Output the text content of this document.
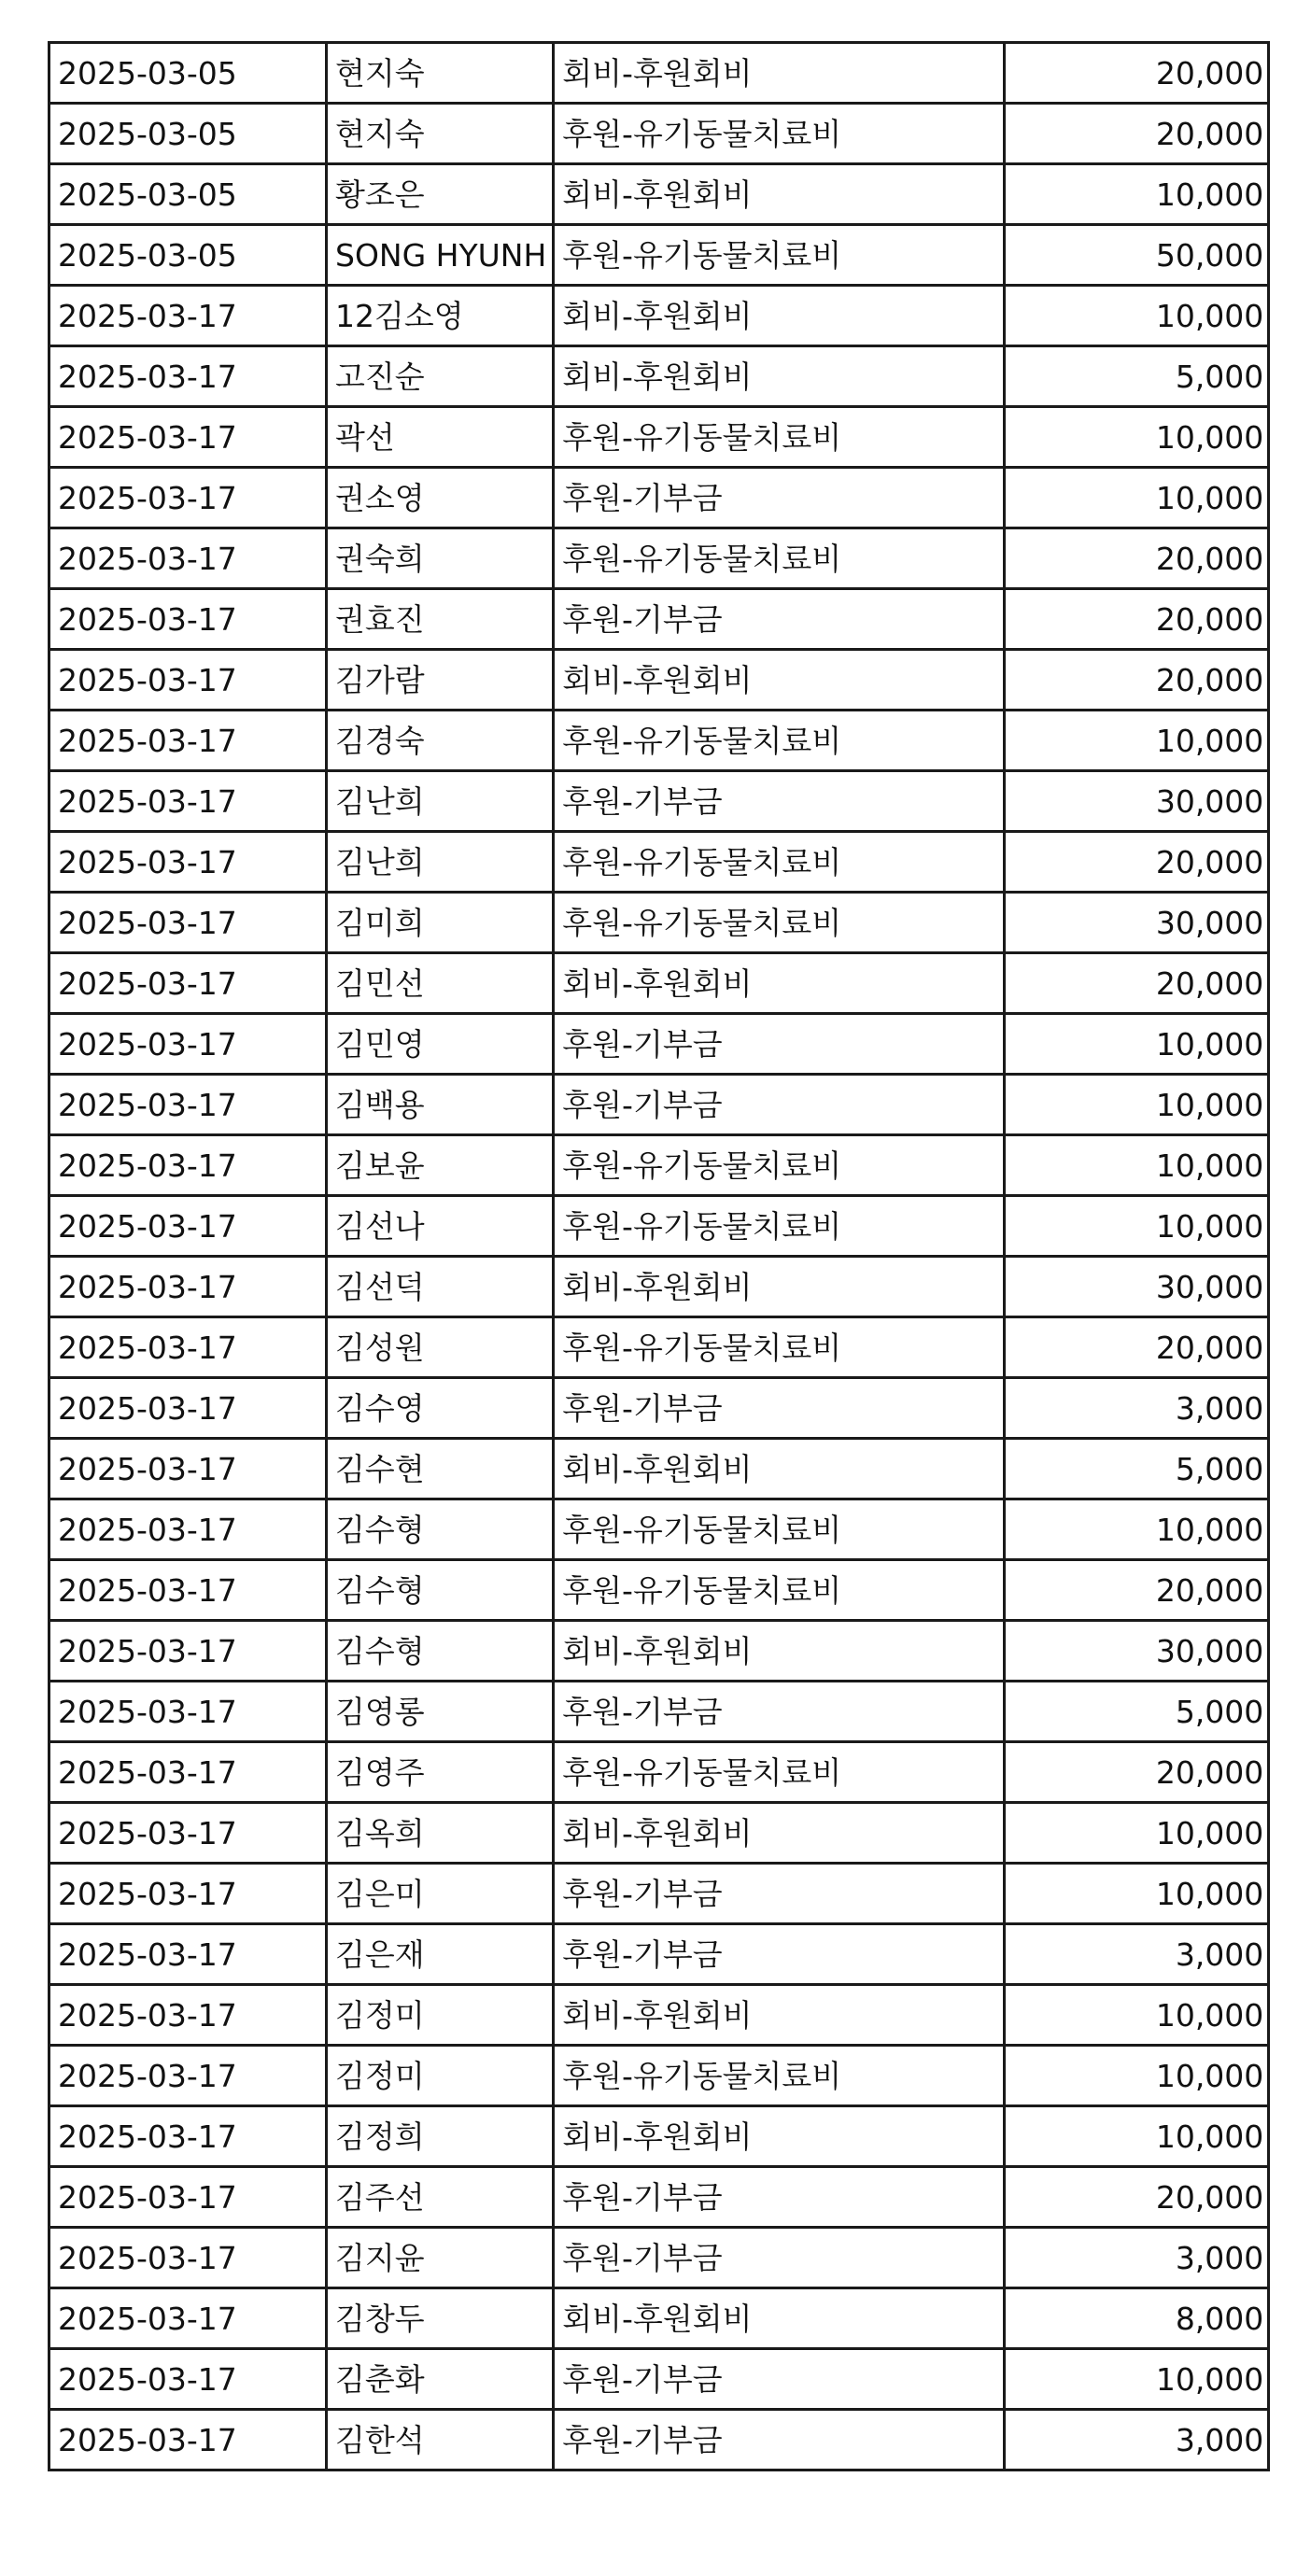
2025-03-05	현지숙	회비-후원회비	20,000
2025-03-05	현지숙	후원-유기동물치료비	20,000
2025-03-05	황조은	회비-후원회비	10,000
2025-03-05	SONG HYUNH	후원-유기동물치료비	50,000
2025-03-17	12김소영	회비-후원회비	10,000
2025-03-17	고진순	회비-후원회비	5,000
2025-03-17	곽선	후원-유기동물치료비	10,000
2025-03-17	권소영	후원-기부금	10,000
2025-03-17	권숙희	후원-유기동물치료비	20,000
2025-03-17	권효진	후원-기부금	20,000
2025-03-17	김가람	회비-후원회비	20,000
2025-03-17	김경숙	후원-유기동물치료비	10,000
2025-03-17	김난희	후원-기부금	30,000
2025-03-17	김난희	후원-유기동물치료비	20,000
2025-03-17	김미희	후원-유기동물치료비	30,000
2025-03-17	김민선	회비-후원회비	20,000
2025-03-17	김민영	후원-기부금	10,000
2025-03-17	김백용	후원-기부금	10,000
2025-03-17	김보윤	후원-유기동물치료비	10,000
2025-03-17	김선나	후원-유기동물치료비	10,000
2025-03-17	김선덕	회비-후원회비	30,000
2025-03-17	김성원	후원-유기동물치료비	20,000
2025-03-17	김수영	후원-기부금	3,000
2025-03-17	김수현	회비-후원회비	5,000
2025-03-17	김수형	후원-유기동물치료비	10,000
2025-03-17	김수형	후원-유기동물치료비	20,000
2025-03-17	김수형	회비-후원회비	30,000
2025-03-17	김영롱	후원-기부금	5,000
2025-03-17	김영주	후원-유기동물치료비	20,000
2025-03-17	김옥희	회비-후원회비	10,000
2025-03-17	김은미	후원-기부금	10,000
2025-03-17	김은재	후원-기부금	3,000
2025-03-17	김정미	회비-후원회비	10,000
2025-03-17	김정미	후원-유기동물치료비	10,000
2025-03-17	김정희	회비-후원회비	10,000
2025-03-17	김주선	후원-기부금	20,000
2025-03-17	김지윤	후원-기부금	3,000
2025-03-17	김창두	회비-후원회비	8,000
2025-03-17	김춘화	후원-기부금	10,000
2025-03-17	김한석	후원-기부금	3,000
